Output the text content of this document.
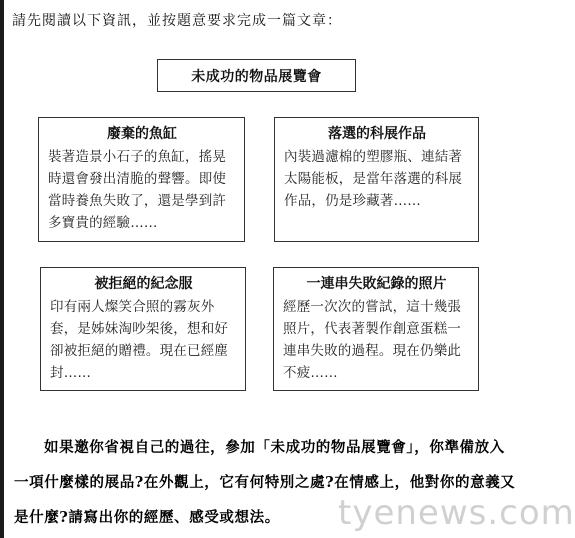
請先閱讀以下資訊，並按題意要求完成一篇文章：
未成功的物品展覽會
廢棄的魚缸
裝著造景小石子的魚缸，搖晃時還會發出清脆的聲響。即使當時養魚失敗了，還是學到許多寶貴的經驗……
落選的科展作品
內裝過濾棉的塑膠瓶、連結著太陽能板，是當年落選的科展作品，仍是珍藏著……
被拒絕的紀念服
印有兩人燦笑合照的霧灰外套，是姊妹淘吵架後，想和好卻被拒絕的贈禮。現在已經塵封……
一連串失敗紀錄的照片
經歷一次次的嘗試，這十幾張照片，代表著製作創意蛋糕一連串失敗的過程。現在仍樂此不疲……
如果邀你省視自己的過往，參加「未成功的物品展覽會」，你準備放入一項什麼樣的展品?在外觀上，它有何特別之處?在情感上，他對你的意義又是什麼?請寫出你的經歷、感受或想法。	tyenews.com
